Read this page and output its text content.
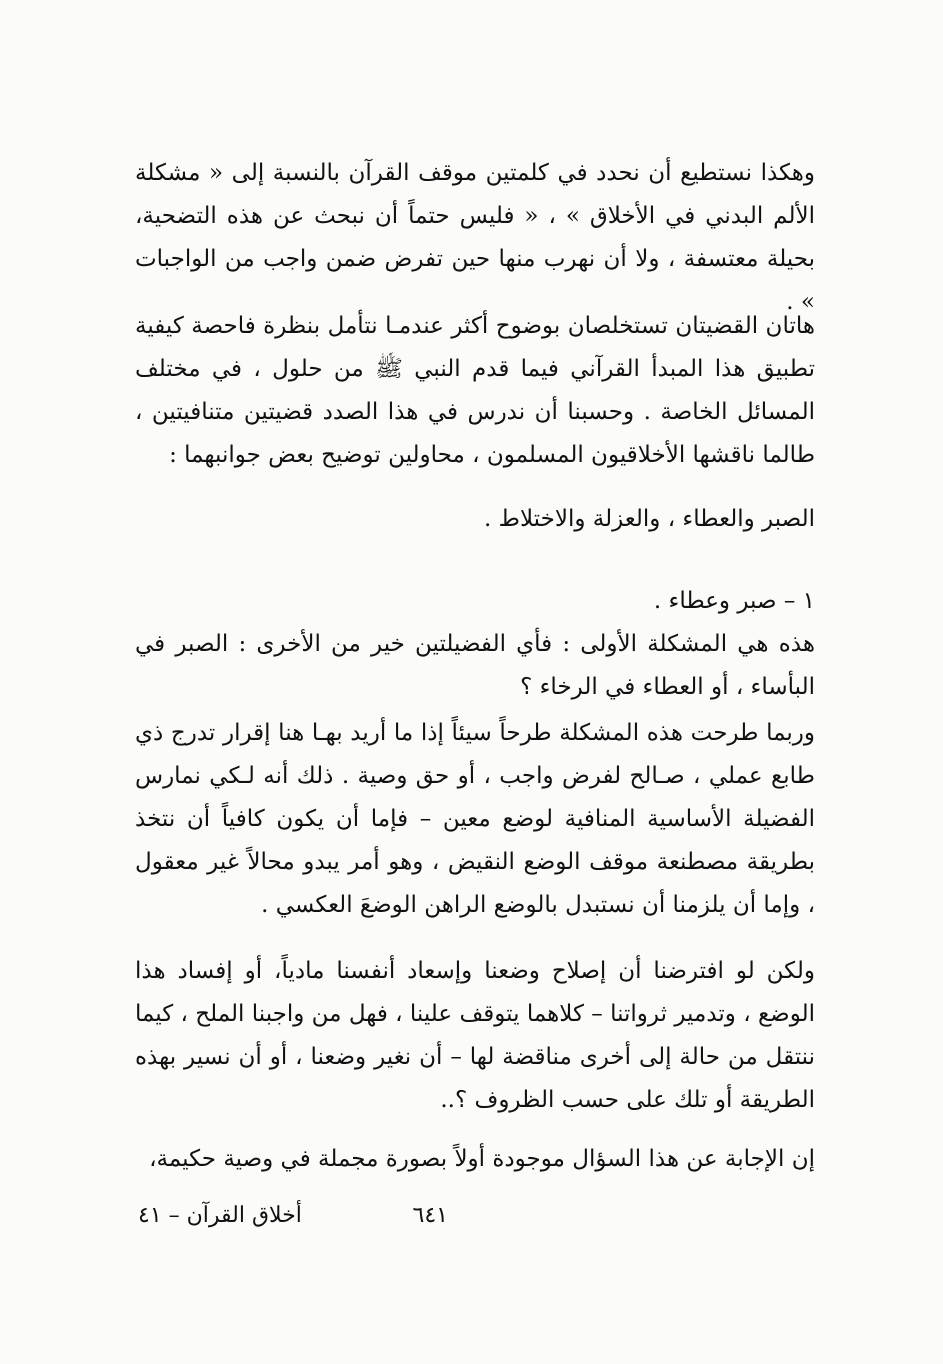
وهكذا نستطيع أن نحدد في كلمتين موقف القرآن بالنسبة إلى « مشكلة الألم البدني في الأخلاق » ، « فليس حتماً أن نبحث عن هذه التضحية، بحيلة معتسفة ، ولا أن نهرب منها حين تفرض ضمن واجب من الواجبات » .

هاتان القضيتان تستخلصان بوضوح أكثر عندمـا نتأمل بنظرة فاحصة كيفية تطبيق هذا المبدأ القرآني فيما قدم النبي ﷺ من حلول ، في مختلف المسائل الخاصة . وحسبنا أن ندرس في هذا الصدد قضيتين متنافيتين ، طالما ناقشها الأخلاقيون المسلمون ، محاولين توضيح بعض جوانبهما :

الصبر والعطاء ، والعزلة والاختلاط .

١ – صبر وعطاء .

هذه هي المشكلة الأولى : فأي الفضيلتين خير من الأخرى : الصبر في البأساء ، أو العطاء في الرخاء ؟

وربما طرحت هذه المشكلة طرحاً سيئاً إذا ما أريد بهـا هنا إقرار تدرج ذي طابع عملي ، صـالح لفرض واجب ، أو حق وصية . ذلك أنه لـكي نمارس الفضيلة الأساسية المنافية لوضع معين – فإما أن يكون كافياً أن نتخذ بطريقة مصطنعة موقف الوضع النقيض ، وهو أمر يبدو محالاً غير معقول ، وإما أن يلزمنا أن نستبدل بالوضع الراهن الوضعَ العكسي .

ولكن لو افترضنا أن إصلاح وضعنا وإسعاد أنفسنا مادياً، أو إفساد هذا الوضع ، وتدمير ثرواتنا – كلاهما يتوقف علينا ، فهل من واجبنا الملح ، كيما ننتقل من حالة إلى أخرى مناقضة لها – أن نغير وضعنا ، أو أن نسير بهذه الطريقة أو تلك على حسب الظروف ؟..

إن الإجابة عن هذا السؤال موجودة أولاً بصورة مجملة في وصية حكيمة،

٦٤١
أخلاق القرآن – ٤١
